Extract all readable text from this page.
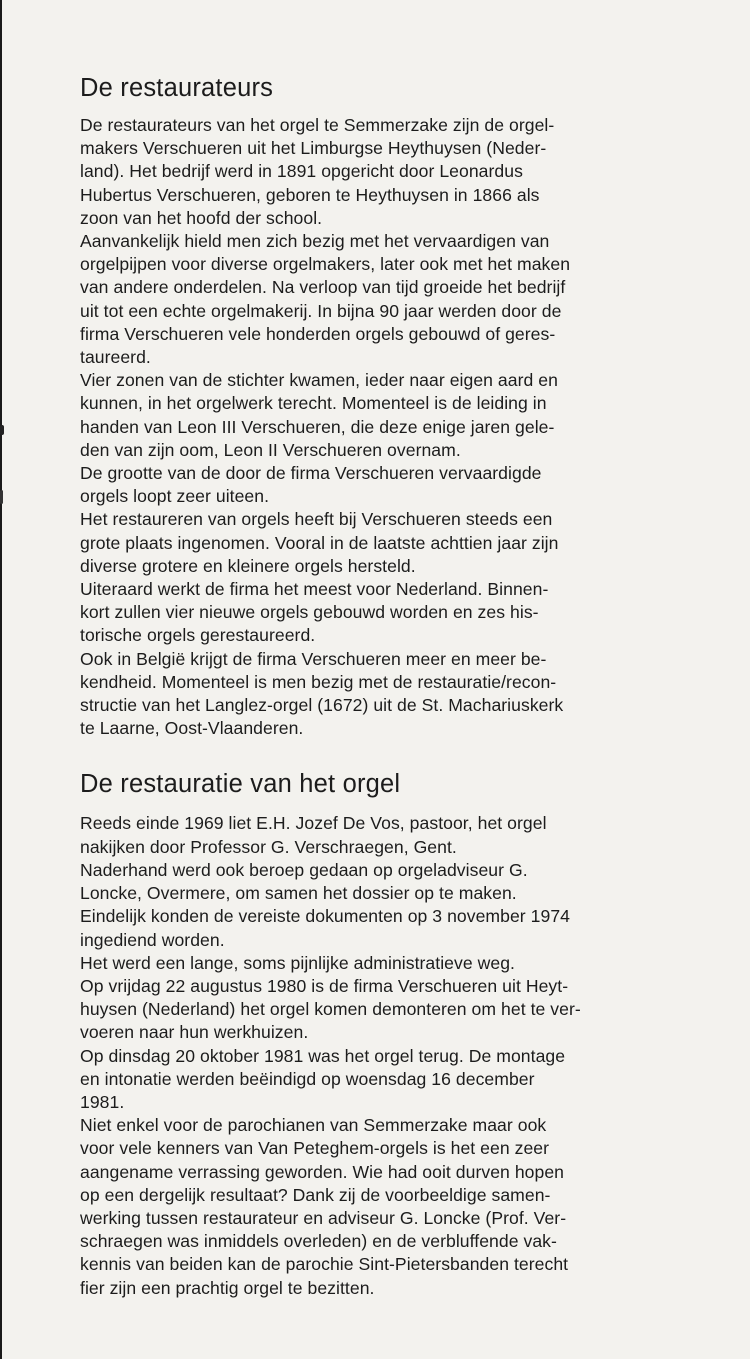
De restaurateurs

De restaurateurs van het orgel te Semmerzake zijn de orgel-
makers Verschueren uit het Limburgse Heythuysen (Neder-
land). Het bedrijf werd in 1891 opgericht door Leonardus
Hubertus Verschueren, geboren te Heythuysen in 1866 als
zoon van het hoofd der school.

Aanvankelijk hield men zich bezig met het vervaardigen van
orgelpijpen voor diverse orgelmakers, later ook met het maken
van andere onderdelen. Na verloop van tijd groeide het bedrijf
uit tot een echte orgelmakerij. In bijna 90 jaar werden door de
firma Verschueren vele honderden orgels gebouwd of geres-
taureerd.

Vier zonen van de stichter kwamen, ieder naar eigen aard en
kunnen, in het orgelwerk terecht. Momenteel is de leiding in
handen van Leon III Verschueren, die deze enige jaren gele-
den van zijn oom, Leon II Verschueren overnam.

De grootte van de door de firma Verschueren vervaardigde
orgels loopt zeer uiteen.

Het restaureren van orgels heeft bij Verschueren steeds een
grote plaats ingenomen. Vooral in de laatste achttien jaar zijn
diverse grotere en kleinere orgels hersteld.

Uiteraard werkt de firma het meest voor Nederland. Binnen-
kort zullen vier nieuwe orgels gebouwd worden en zes his-
torische orgels gerestaureerd.

Ook in België krijgt de firma Verschueren meer en meer be-
kendheid. Momenteel is men bezig met de restauratie/recon-
structie van het Langlez-orgel (1672) uit de St. Machariuskerk
te Laarne, Oost-Vlaanderen.

De restauratie van het orgel

Reeds einde 1969 liet E.H. Jozef De Vos, pastoor, het orgel
nakijken door Professor G. Verschraegen, Gent.

Naderhand werd ook beroep gedaan op orgeladviseur G.
Loncke, Overmere, om samen het dossier op te maken.

Eindelijk konden de vereiste dokumenten op 3 november 1974
ingediend worden.

Het werd een lange, soms pijnlijke administratieve weg.

Op vrijdag 22 augustus 1980 is de firma Verschueren uit Heyt-
huysen (Nederland) het orgel komen demonteren om het te ver-
voeren naar hun werkhuizen.

Op dinsdag 20 oktober 1981 was het orgel terug. De montage
en intonatie werden beëindigd op woensdag 16 december
1981.

Niet enkel voor de parochianen van Semmerzake maar ook
voor vele kenners van Van Peteghem-orgels is het een zeer
aangename verrassing geworden. Wie had ooit durven hopen
op een dergelijk resultaat? Dank zij de voorbeeldige samen-
werking tussen restaurateur en adviseur G. Loncke (Prof. Ver-
schraegen was inmiddels overleden) en de verbluffende vak-
kennis van beiden kan de parochie Sint-Pietersbanden terecht
fier zijn een prachtig orgel te bezitten.
